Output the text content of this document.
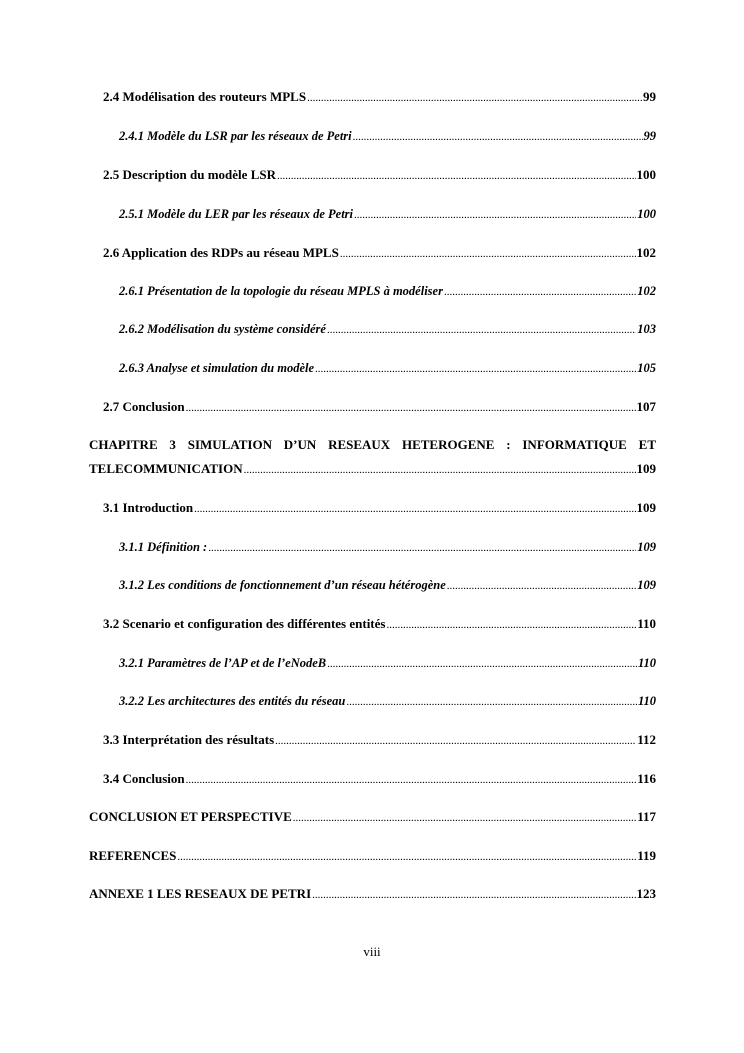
2.4 Modélisation des routeurs MPLS .....	99
2.4.1 Modèle du LSR par les réseaux de Petri .....	99
2.5 Description du modèle LSR .....	100
2.5.1 Modèle du LER par les réseaux de Petri .....	100
2.6 Application des RDPs au réseau MPLS .....	102
2.6.1 Présentation de la topologie du réseau MPLS à modéliser .....	102
2.6.2 Modélisation du système considéré .....	103
2.6.3 Analyse et simulation du modèle .....	105
2.7 Conclusion .....	107
CHAPITRE 3 SIMULATION D’UN RESEAUX HETEROGENE : INFORMATIQUE ET
TELECOMMUNICATION .....	109
3.1 Introduction .....	109
3.1.1 Définition : .....	109
3.1.2 Les conditions de fonctionnement d’un réseau hétérogène .....	109
3.2 Scenario et configuration des différentes entités .....	110
3.2.1 Paramètres de l’AP et de l’eNodeB .....	110
3.2.2 Les architectures des entités du réseau .....	110
3.3 Interprétation des résultats .....	112
3.4 Conclusion .....	116
CONCLUSION ET PERSPECTIVE .....	117
REFERENCES .....	119
ANNEXE 1 LES RESEAUX DE PETRI .....	123
viii
